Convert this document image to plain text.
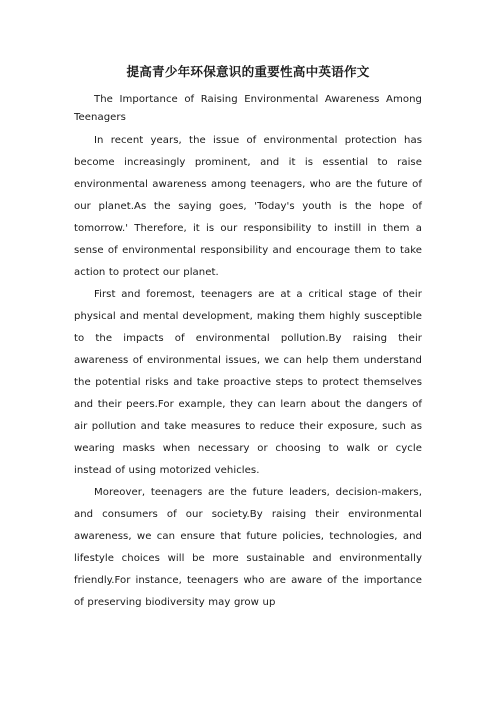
提高青少年环保意识的重要性高中英语作文

The Importance of Raising Environmental Awareness Among Teenagers

In recent years, the issue of environmental protection has become increasingly prominent, and it is essential to raise environmental awareness among teenagers, who are the future of our planet.As the saying goes, 'Today's youth is the hope of tomorrow.' Therefore, it is our responsibility to instill in them a sense of environmental responsibility and encourage them to take action to protect our planet.

First and foremost, teenagers are at a critical stage of their physical and mental development, making them highly susceptible to the impacts of environmental pollution.By raising their awareness of environmental issues, we can help them understand the potential risks and take proactive steps to protect themselves and their peers.For example, they can learn about the dangers of air pollution and take measures to reduce their exposure, such as wearing masks when necessary or choosing to walk or cycle instead of using motorized vehicles.

Moreover, teenagers are the future leaders, decision-makers, and consumers of our society.By raising their environmental awareness, we can ensure that future policies, technologies, and lifestyle choices will be more sustainable and environmentally friendly.For instance, teenagers who are aware of the importance of preserving biodiversity may grow up
